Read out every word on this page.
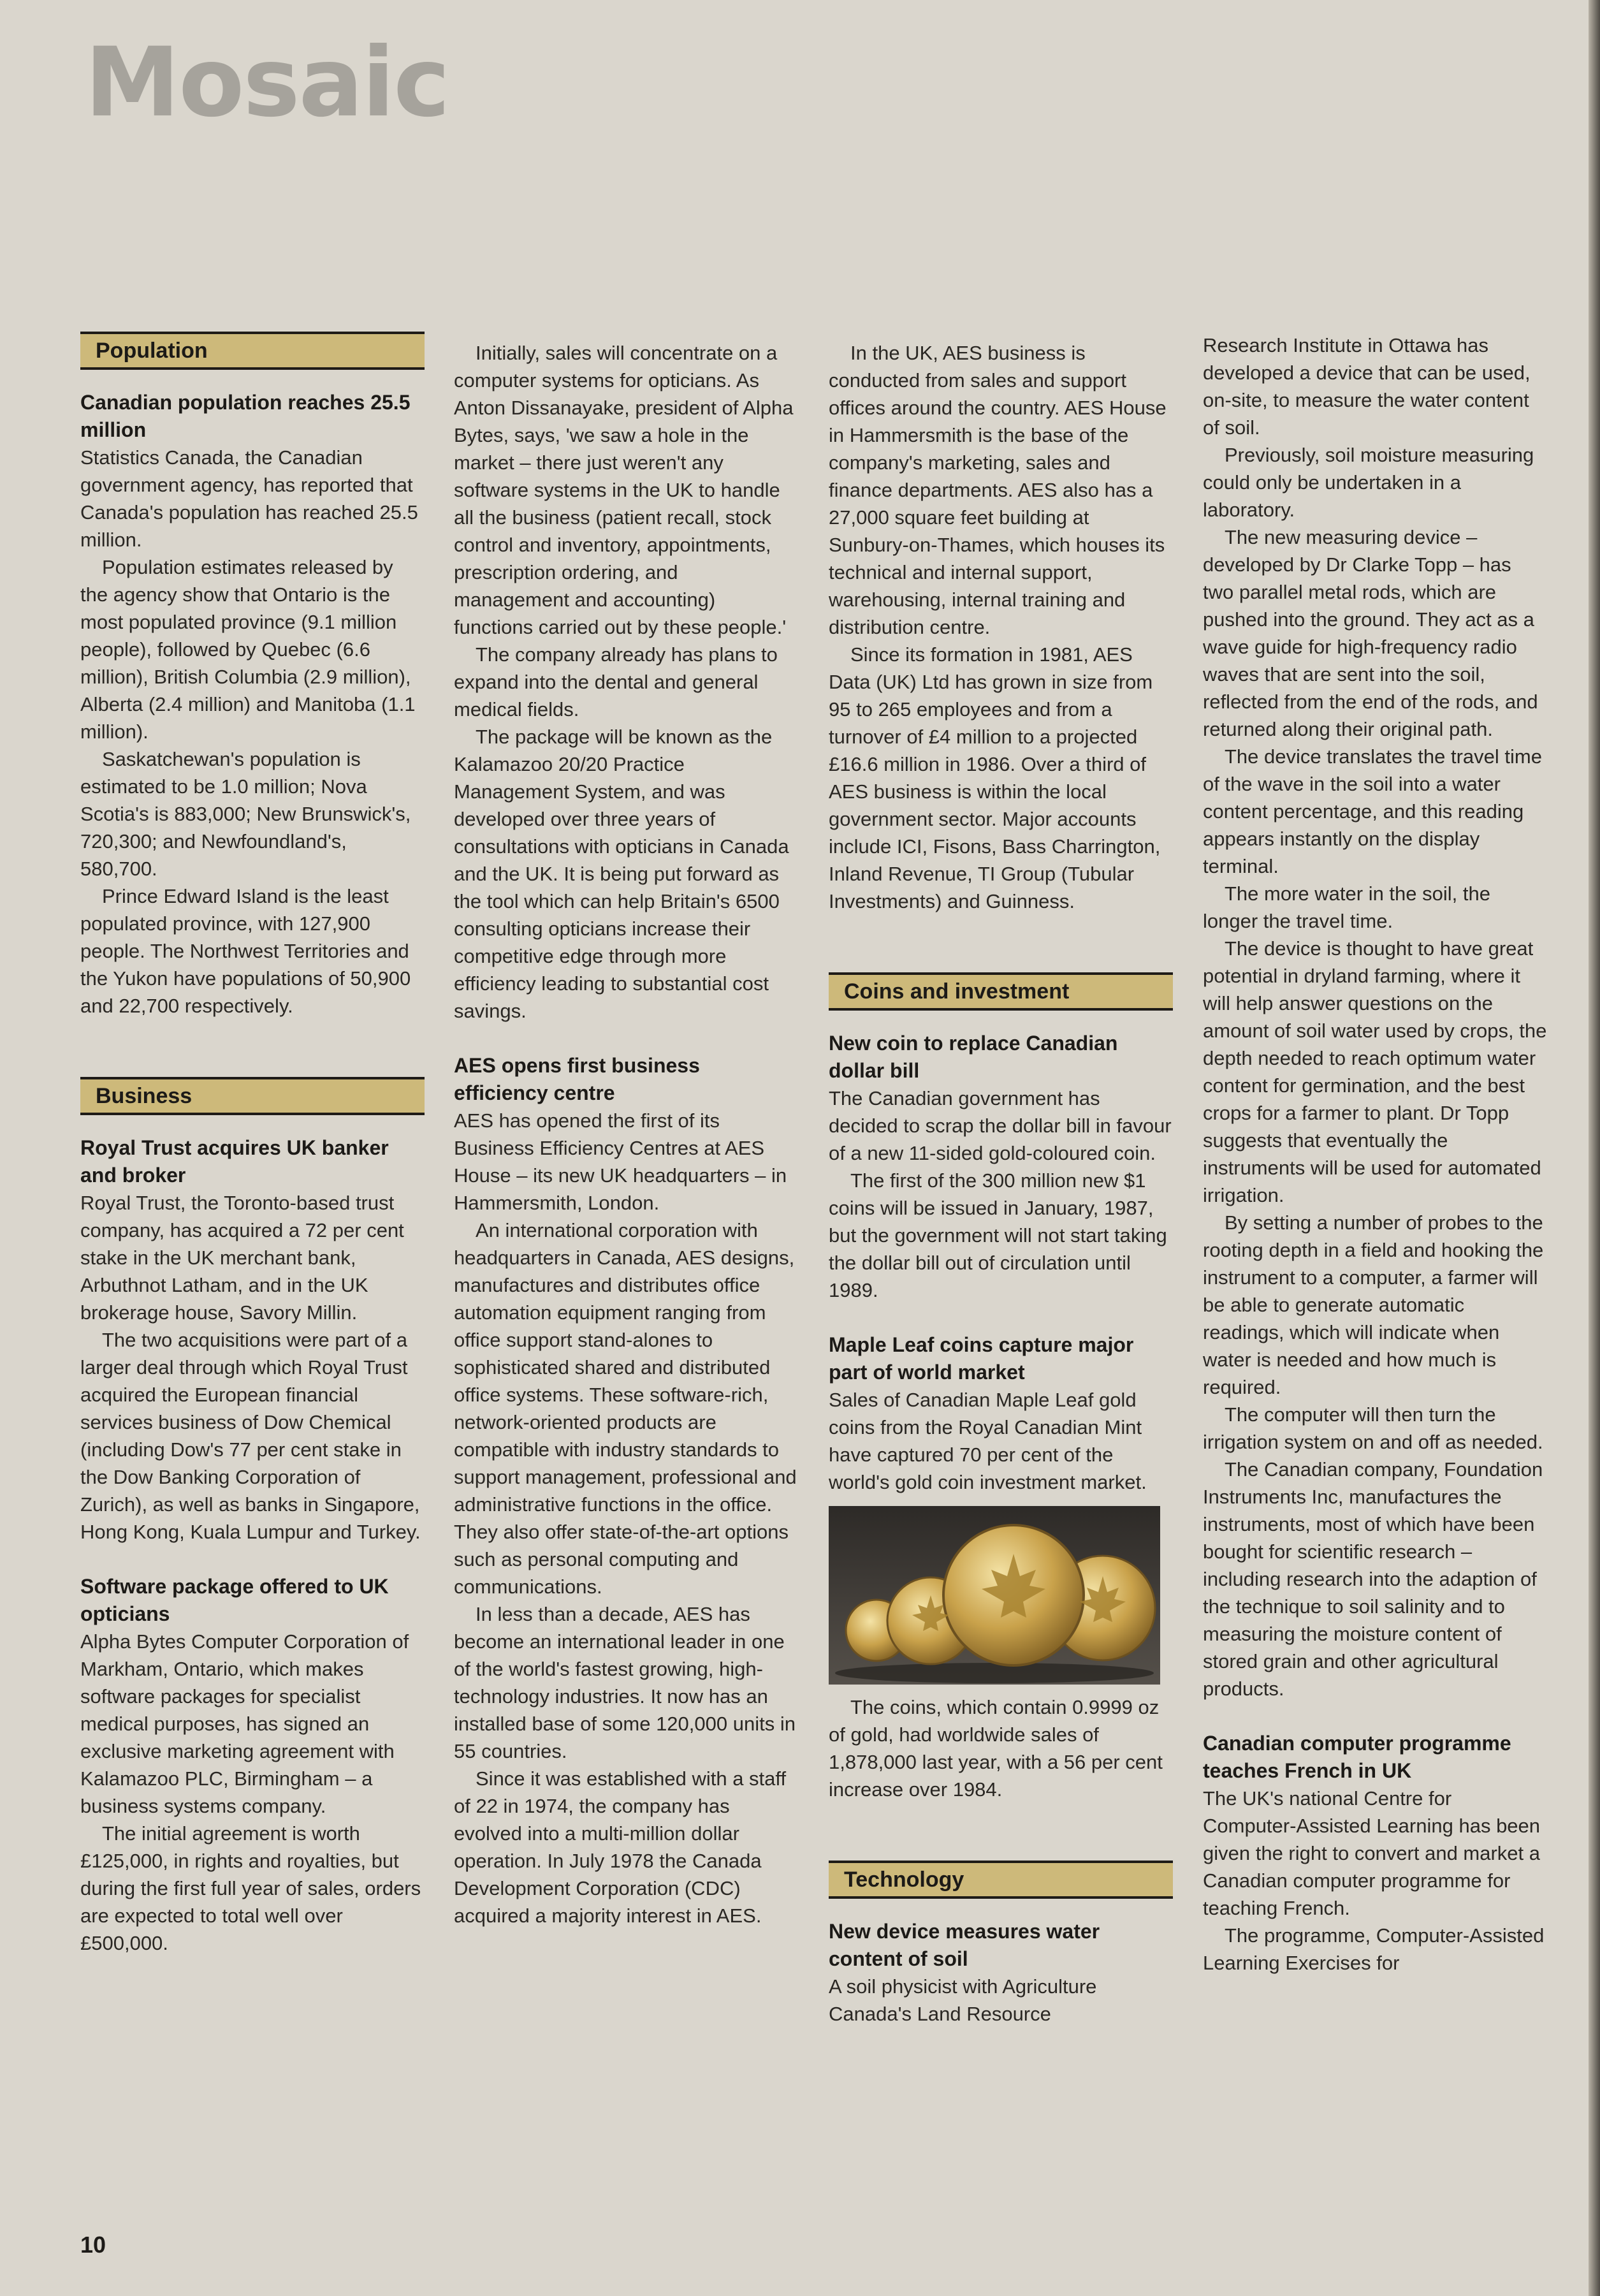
Mosaic
Population

Canadian population reaches 25.5 million

Statistics Canada, the Canadian government agency, has reported that Canada's population has reached 25.5 million.

Population estimates released by the agency show that Ontario is the most populated province (9.1 million people), followed by Quebec (6.6 million), British Columbia (2.9 million), Alberta (2.4 million) and Manitoba (1.1 million).

Saskatchewan's population is estimated to be 1.0 million; Nova Scotia's is 883,000; New Brunswick's, 720,300; and Newfoundland's, 580,700.

Prince Edward Island is the least populated province, with 127,900 people. The Northwest Territories and the Yukon have populations of 50,900 and 22,700 respectively.

Business

Royal Trust acquires UK banker and broker

Royal Trust, the Toronto-based trust company, has acquired a 72 per cent stake in the UK merchant bank, Arbuthnot Latham, and in the UK brokerage house, Savory Millin.

The two acquisitions were part of a larger deal through which Royal Trust acquired the European financial services business of Dow Chemical (including Dow's 77 per cent stake in the Dow Banking Corporation of Zurich), as well as banks in Singapore, Hong Kong, Kuala Lumpur and Turkey.

Software package offered to UK opticians

Alpha Bytes Computer Corporation of Markham, Ontario, which makes software packages for specialist medical purposes, has signed an exclusive marketing agreement with Kalamazoo PLC, Birmingham – a business systems company.

The initial agreement is worth £125,000, in rights and royalties, but during the first full year of sales, orders are expected to total well over £500,000.

Initially, sales will concentrate on a computer systems for opticians. As Anton Dissanayake, president of Alpha Bytes, says, 'we saw a hole in the market – there just weren't any software systems in the UK to handle all the business (patient recall, stock control and inventory, appointments, prescription ordering, and management and accounting) functions carried out by these people.'

The company already has plans to expand into the dental and general medical fields.

The package will be known as the Kalamazoo 20/20 Practice Management System, and was developed over three years of consultations with opticians in Canada and the UK. It is being put forward as the tool which can help Britain's 6500 consulting opticians increase their competitive edge through more efficiency leading to substantial cost savings.

AES opens first business efficiency centre

AES has opened the first of its Business Efficiency Centres at AES House – its new UK headquarters – in Hammersmith, London.

An international corporation with headquarters in Canada, AES designs, manufactures and distributes office automation equipment ranging from office support stand-alones to sophisticated shared and distributed office systems. These software-rich, network-oriented products are compatible with industry standards to support management, professional and administrative functions in the office. They also offer state-of-the-art options such as personal computing and communications.

In less than a decade, AES has become an international leader in one of the world's fastest growing, high-technology industries. It now has an installed base of some 120,000 units in 55 countries.

Since it was established with a staff of 22 in 1974, the company has evolved into a multi-million dollar operation. In July 1978 the Canada Development Corporation (CDC) acquired a majority interest in AES.

In the UK, AES business is conducted from sales and support offices around the country. AES House in Hammersmith is the base of the company's marketing, sales and finance departments. AES also has a 27,000 square feet building at Sunbury-on-Thames, which houses its technical and internal support, warehousing, internal training and distribution centre.

Since its formation in 1981, AES Data (UK) Ltd has grown in size from 95 to 265 employees and from a turnover of £4 million to a projected £16.6 million in 1986. Over a third of AES business is within the local government sector. Major accounts include ICI, Fisons, Bass Charrington, Inland Revenue, TI Group (Tubular Investments) and Guinness.

Coins and investment

New coin to replace Canadian dollar bill

The Canadian government has decided to scrap the dollar bill in favour of a new 11-sided gold-coloured coin.

The first of the 300 million new $1 coins will be issued in January, 1987, but the government will not start taking the dollar bill out of circulation until 1989.

Maple Leaf coins capture major part of world market

Sales of Canadian Maple Leaf gold coins from the Royal Canadian Mint have captured 70 per cent of the world's gold coin investment market.

The coins, which contain 0.9999 oz of gold, had worldwide sales of 1,878,000 last year, with a 56 per cent increase over 1984.

Technology

New device measures water content of soil

A soil physicist with Agriculture Canada's Land Resource

Research Institute in Ottawa has developed a device that can be used, on-site, to measure the water content of soil.

Previously, soil moisture measuring could only be undertaken in a laboratory.

The new measuring device – developed by Dr Clarke Topp – has two parallel metal rods, which are pushed into the ground. They act as a wave guide for high-frequency radio waves that are sent into the soil, reflected from the end of the rods, and returned along their original path.

The device translates the travel time of the wave in the soil into a water content percentage, and this reading appears instantly on the display terminal.

The more water in the soil, the longer the travel time.

The device is thought to have great potential in dryland farming, where it will help answer questions on the amount of soil water used by crops, the depth needed to reach optimum water content for germination, and the best crops for a farmer to plant. Dr Topp suggests that eventually the instruments will be used for automated irrigation.

By setting a number of probes to the rooting depth in a field and hooking the instrument to a computer, a farmer will be able to generate automatic readings, which will indicate when water is needed and how much is required.

The computer will then turn the irrigation system on and off as needed.

The Canadian company, Foundation Instruments Inc, manufactures the instruments, most of which have been bought for scientific research – including research into the adaption of the technique to soil salinity and to measuring the moisture content of stored grain and other agricultural products.

Canadian computer programme teaches French in UK

The UK's national Centre for Computer-Assisted Learning has been given the right to convert and market a Canadian computer programme for teaching French.

The programme, Computer-Assisted Learning Exercises for

10
